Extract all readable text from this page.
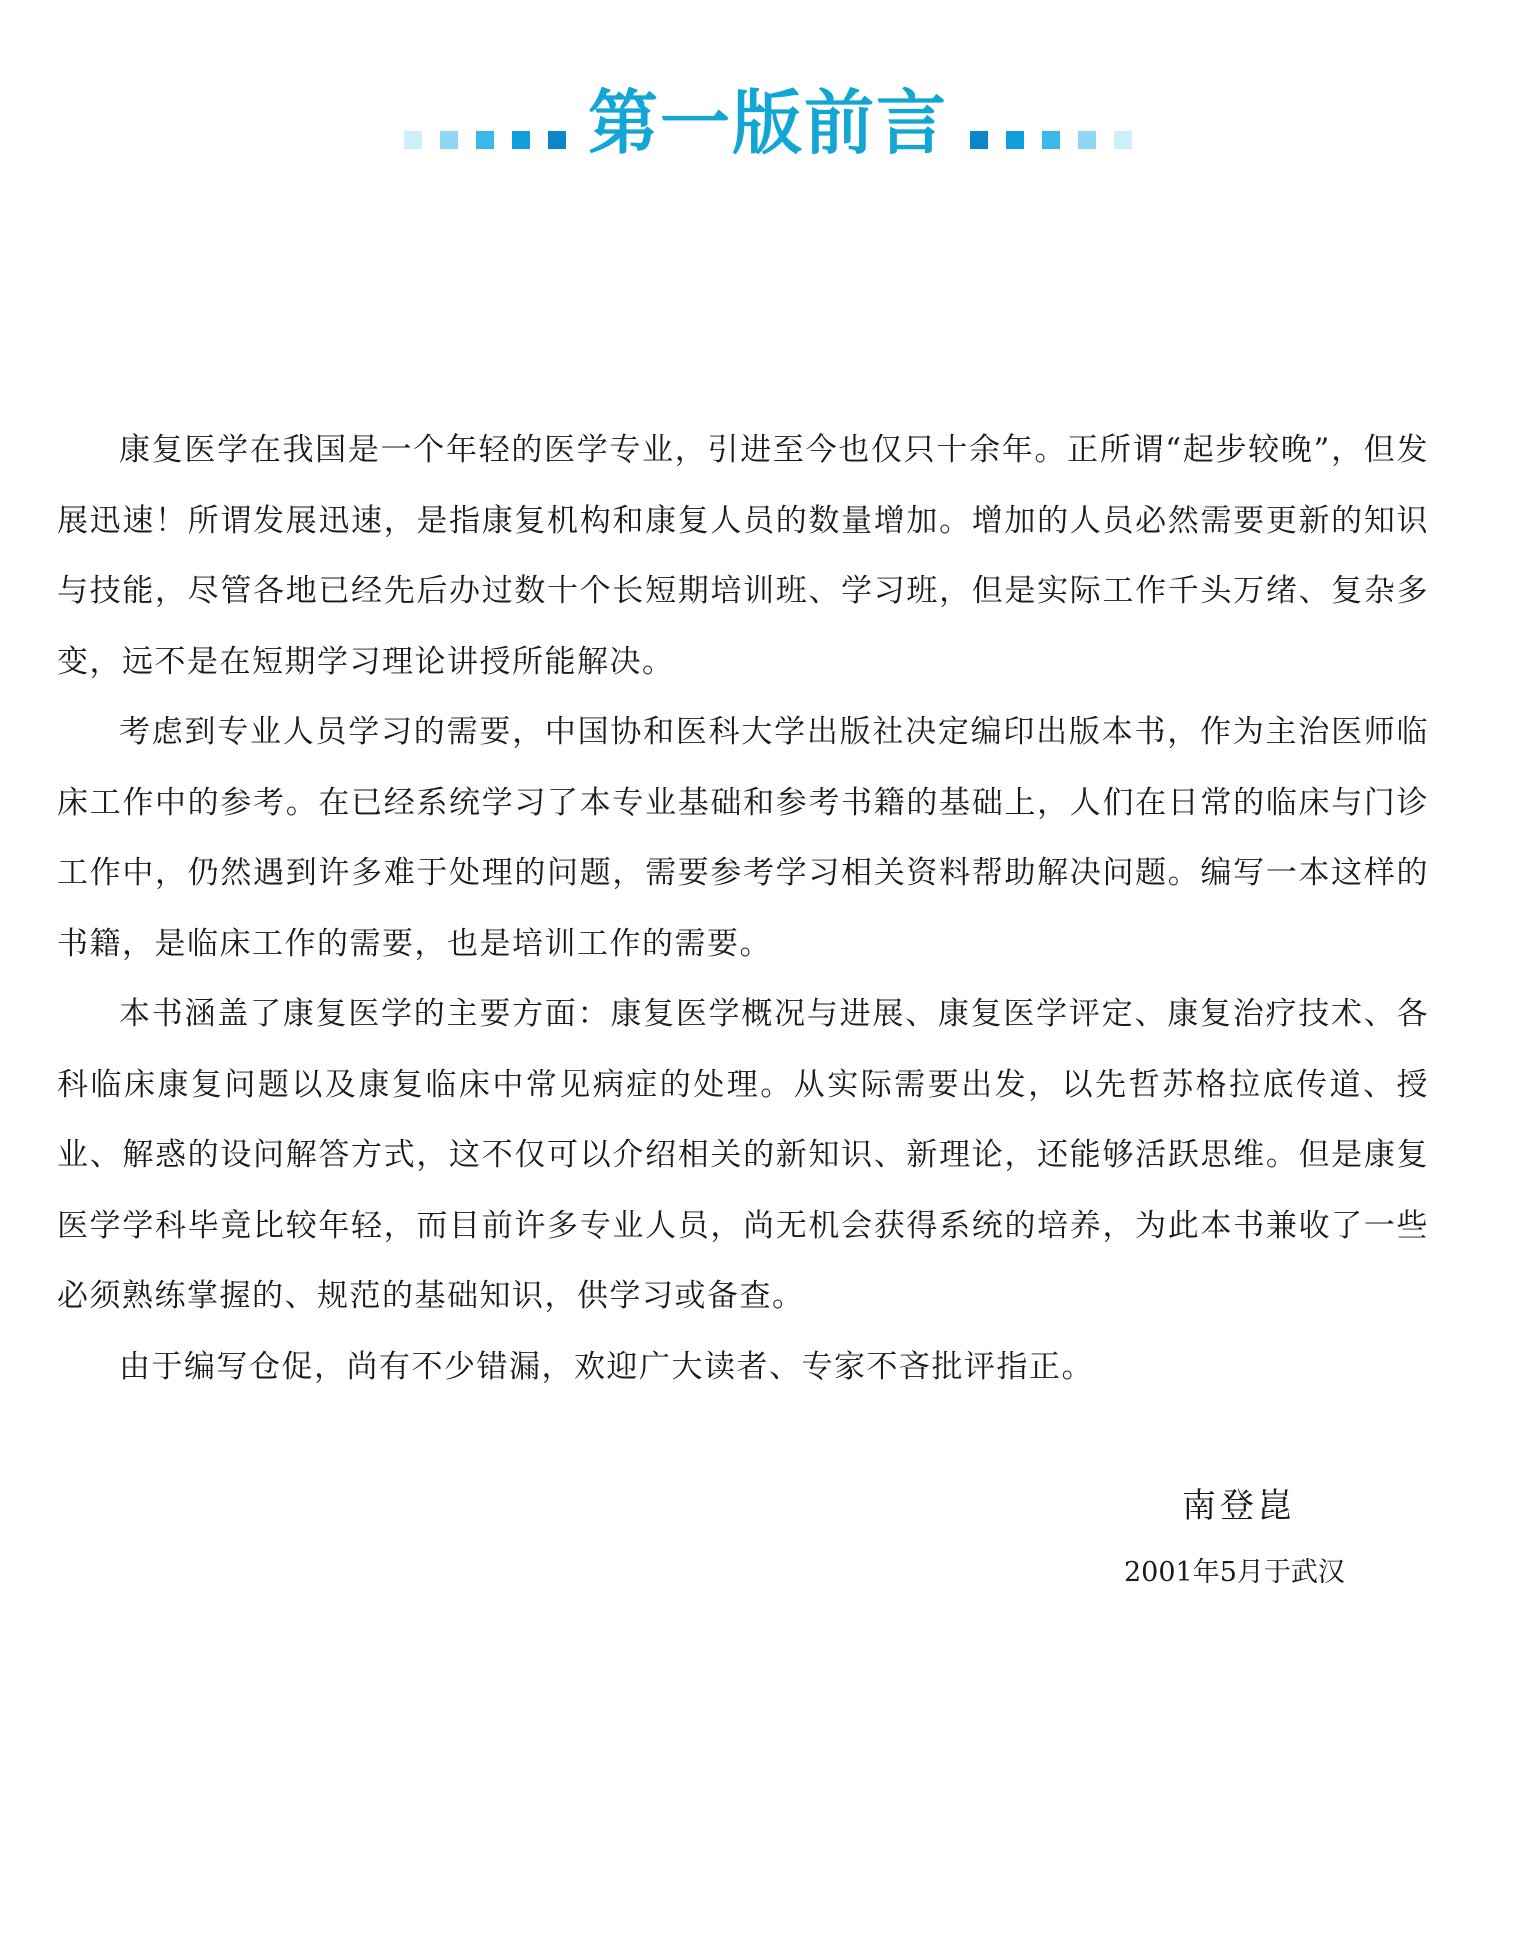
第一版前言

康复医学在我国是一个年轻的医学专业，引进至今也仅只十余年。正所谓“起步较晚”，但发展迅速！所谓发展迅速，是指康复机构和康复人员的数量增加。增加的人员必然需要更新的知识与技能，尽管各地已经先后办过数十个长短期培训班、学习班，但是实际工作千头万绪、复杂多变，远不是在短期学习理论讲授所能解决。

考虑到专业人员学习的需要，中国协和医科大学出版社决定编印出版本书，作为主治医师临床工作中的参考。在已经系统学习了本专业基础和参考书籍的基础上，人们在日常的临床与门诊工作中，仍然遇到许多难于处理的问题，需要参考学习相关资料帮助解决问题。编写一本这样的书籍，是临床工作的需要，也是培训工作的需要。

本书涵盖了康复医学的主要方面：康复医学概况与进展、康复医学评定、康复治疗技术、各科临床康复问题以及康复临床中常见病症的处理。从实际需要出发，以先哲苏格拉底传道、授业、解惑的设问解答方式，这不仅可以介绍相关的新知识、新理论，还能够活跃思维。但是康复医学学科毕竟比较年轻，而目前许多专业人员，尚无机会获得系统的培养，为此本书兼收了一些必须熟练掌握的、规范的基础知识，供学习或备查。

由于编写仓促，尚有不少错漏，欢迎广大读者、专家不吝批评指正。

南登崑
2001年5月于武汉
